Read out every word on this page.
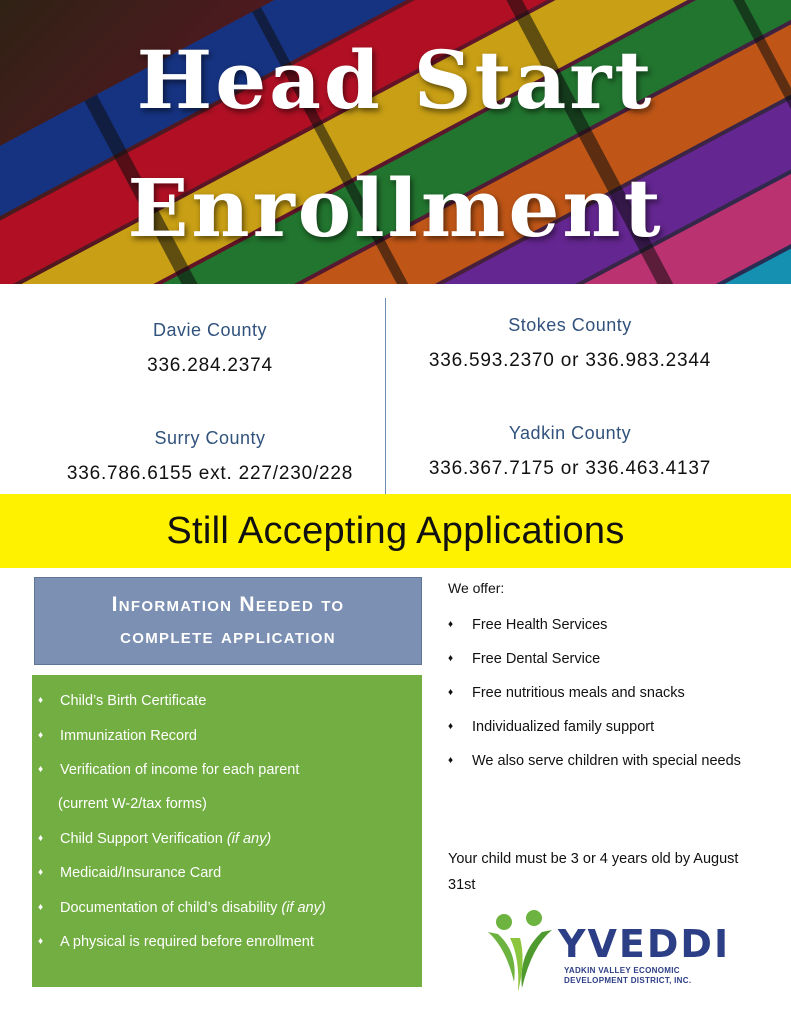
Head Start
Enrollment
Davie County
336.284.2374
Surry County
336.786.6155 ext. 227/230/228
Stokes County
336.593.2370 or 336.983.2344
Yadkin County
336.367.7175 or 336.463.4137
Still Accepting Applications
Information Needed to
complete application
♦ Child’s Birth Certificate
♦ Immunization Record
♦ Verification of income for each parent
(current W-2/tax forms)
♦ Child Support Verification (if any)
♦ Medicaid/Insurance Card
♦ Documentation of child’s disability (if any)
♦ A physical is required before enrollment
We offer:
♦ Free Health Services
♦ Free Dental Service
♦ Free nutritious meals and snacks
♦ Individualized family support
♦ We also serve children with special needs
Your child must be 3 or 4 years old by August 31st
YVEDDI
YADKIN VALLEY ECONOMIC
DEVELOPMENT DISTRICT, INC.
